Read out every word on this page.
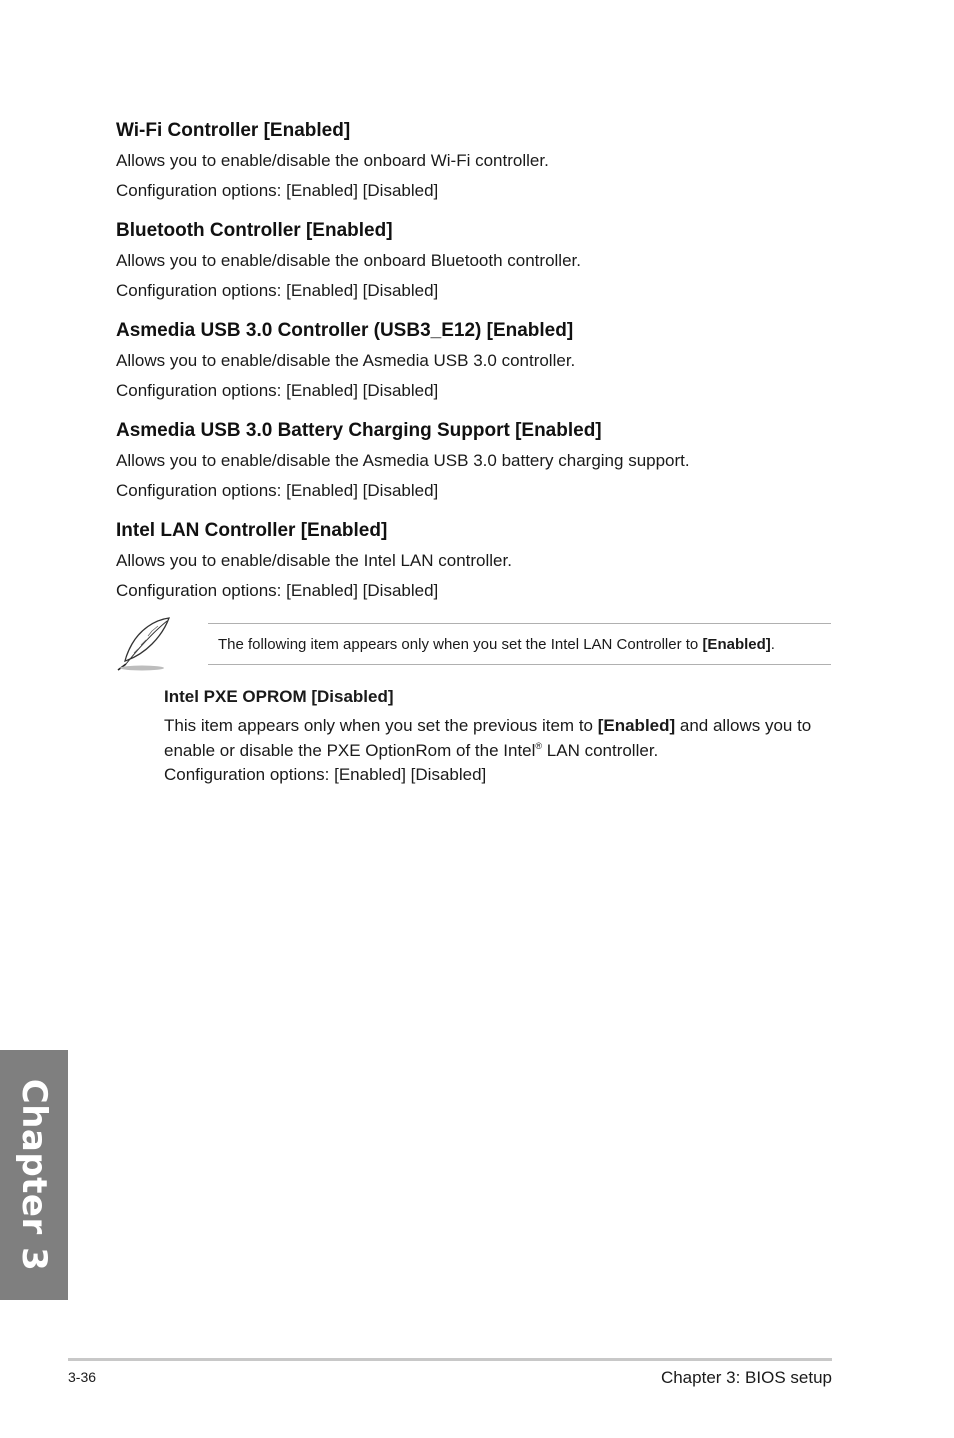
Wi-Fi Controller [Enabled]

Allows you to enable/disable the onboard Wi-Fi controller.

Configuration options: [Enabled] [Disabled]

Bluetooth Controller [Enabled]

Allows you to enable/disable the onboard Bluetooth controller.

Configuration options: [Enabled] [Disabled]

Asmedia USB 3.0 Controller (USB3_E12) [Enabled]

Allows you to enable/disable the Asmedia USB 3.0 controller.

Configuration options: [Enabled] [Disabled]

Asmedia USB 3.0 Battery Charging Support [Enabled]

Allows you to enable/disable the Asmedia USB 3.0 battery charging support.

Configuration options: [Enabled] [Disabled]

Intel LAN Controller [Enabled]

Allows you to enable/disable the Intel LAN controller.

Configuration options: [Enabled] [Disabled]

The following item appears only when you set the Intel LAN Controller to [Enabled].
Intel PXE OPROM [Disabled]
This item appears only when you set the previous item to [Enabled] and allows you to enable or disable the PXE OptionRom of the Intel® LAN controller.
Configuration options: [Enabled] [Disabled]
Chapter 3
3-36	Chapter 3: BIOS setup
